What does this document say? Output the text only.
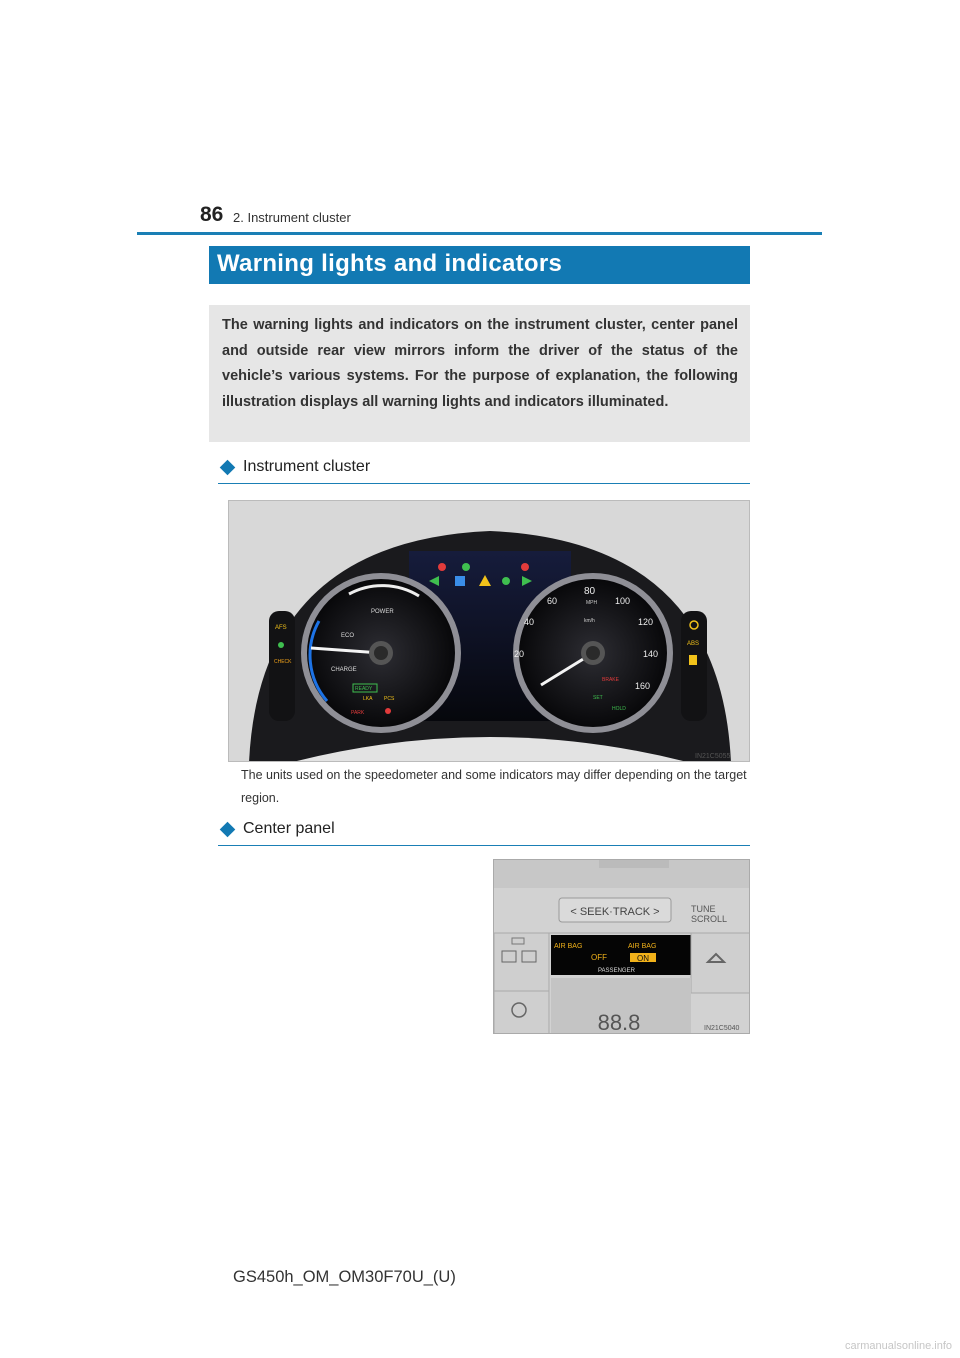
86 2. Instrument cluster
Warning lights and indicators

The warning lights and indicators on the instrument cluster, center panel and outside rear view mirrors inform the driver of the status of the vehicle’s various systems. For the purpose of explanation, the following illustration displays all warning lights and indicators illuminated.

Instrument cluster
AFS
CHECK
POWER
ECO
CHARGE
READY
LKA PCS
PARK
20
40
60
80
100
120
140
160
MPH
km/h
BRAKE
SET
HOLD
ABS
IN21C5055
The units used on the speedometer and some indicators may differ depending on the target region.
Center panel
< SEEK·TRACK >	TUNE
SCROLL
AIR BAG	AIR BAG
OFF	ON
PASSENGER
88.8	IN21C5040
GS450h_OM_OM30F70U_(U)
carmanualsonline.info
